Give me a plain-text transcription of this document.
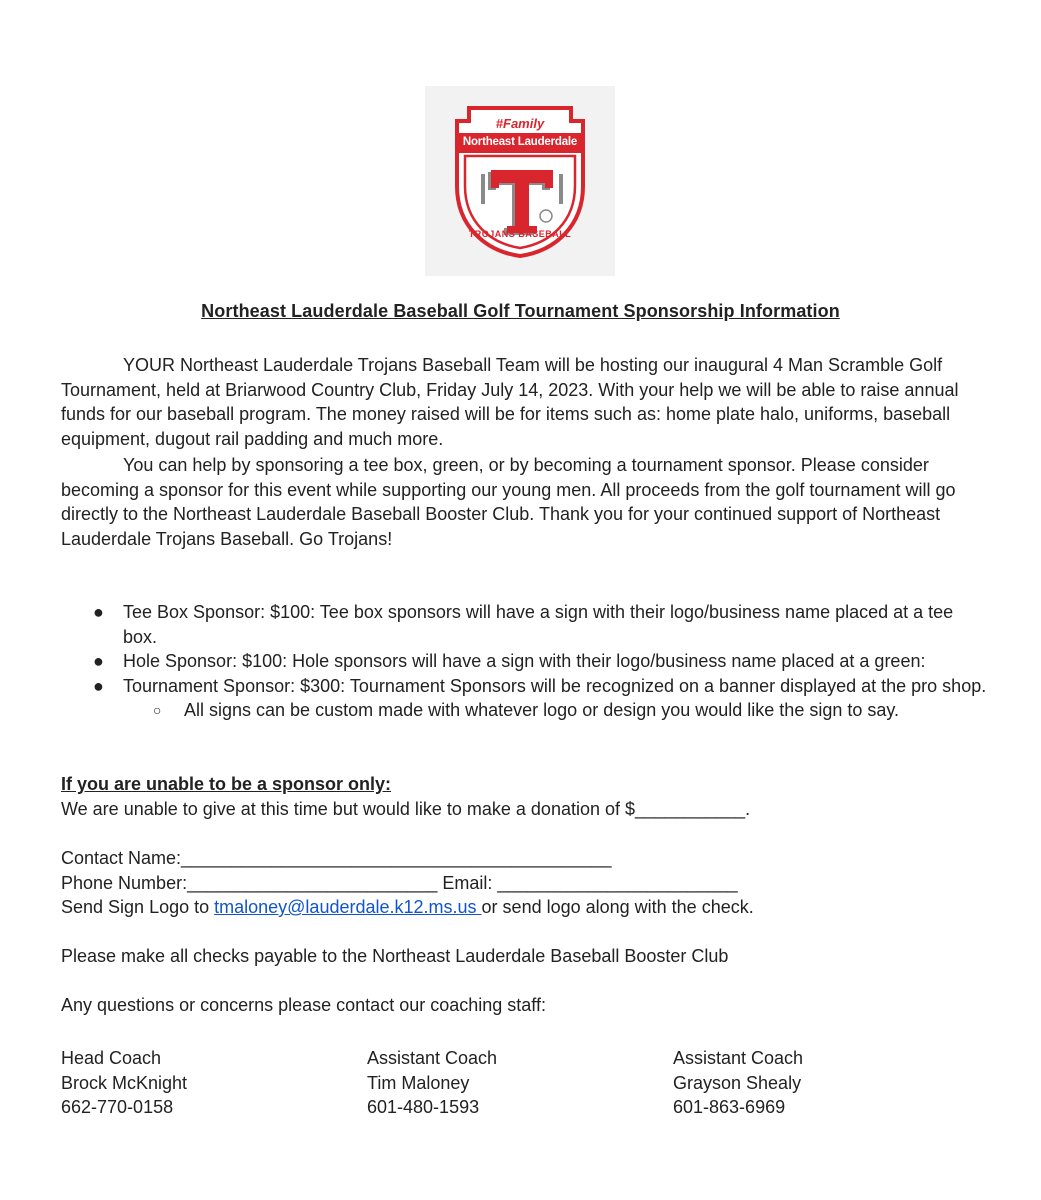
#Family
Northeast Lauderdale
TROJANS BASEBALL
Northeast Lauderdale Baseball Golf Tournament Sponsorship Information

YOUR Northeast Lauderdale Trojans Baseball Team will be hosting our inaugural 4 Man Scramble Golf Tournament, held at Briarwood Country Club, Friday July 14, 2023. With your help we will be able to raise annual funds for our baseball program. The money raised will be for items such as: home plate halo, uniforms, baseball equipment, dugout rail padding and much more.

You can help by sponsoring a tee box, green, or by becoming a tournament sponsor. Please consider becoming a sponsor for this event while supporting our young men. All proceeds from the golf tournament will go directly to the Northeast Lauderdale Baseball Booster Club. Thank you for your continued support of Northeast Lauderdale Trojans Baseball. Go Trojans!

● Tee Box Sponsor: $100: Tee box sponsors will have a sign with their logo/business name placed at a tee box.
● Hole Sponsor: $100: Hole sponsors will have a sign with their logo/business name placed at a green:
● Tournament Sponsor: $300: Tournament Sponsors will be recognized on a banner displayed at the pro shop.
○ All signs can be custom made with whatever logo or design you would like the sign to say.
If you are unable to be a sponsor only:
We are unable to give at this time but would like to make a donation of $___________.
Contact Name:___________________________________________
Phone Number:_________________________ Email: ________________________
Send Sign Logo to tmaloney@lauderdale.k12.ms.us or send logo along with the check.
Please make all checks payable to the Northeast Lauderdale Baseball Booster Club
Any questions or concerns please contact our coaching staff:
Head Coach
Brock McKnight
662-770-0158
Assistant Coach
Tim Maloney
601-480-1593
Assistant Coach
Grayson Shealy
601-863-6969
